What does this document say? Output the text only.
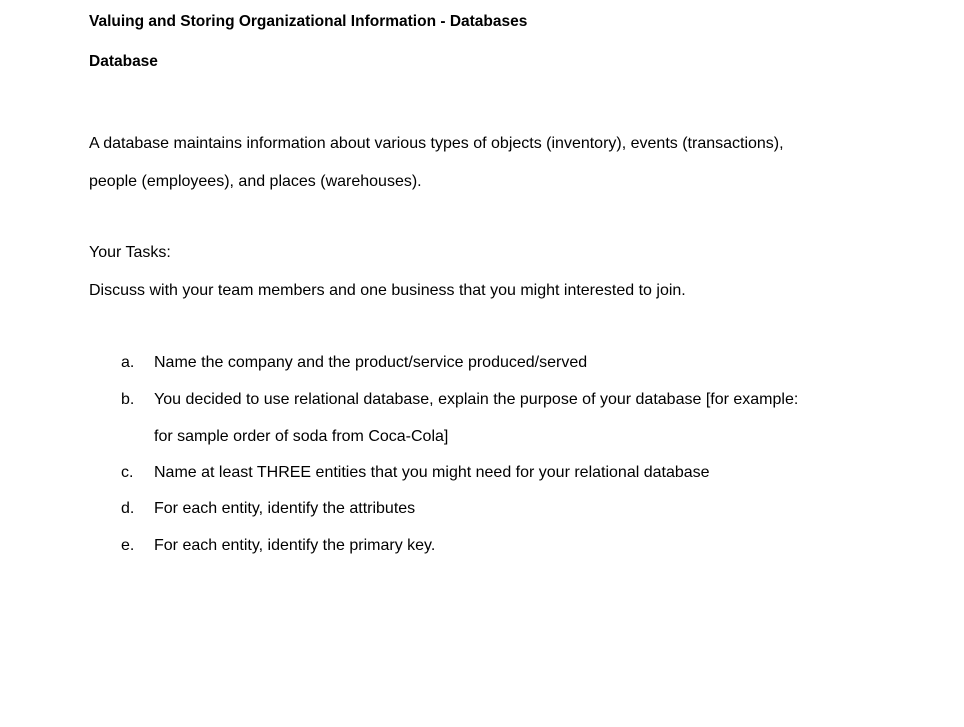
Valuing and Storing Organizational Information - Databases
Database
A database maintains information about various types of objects (inventory), events (transactions),
people (employees), and places (warehouses).
Your Tasks:
Discuss with your team members and one business that you might interested to join.
a. Name the company and the product/service produced/served
b. You decided to use relational database, explain the purpose of your database [for example:
for sample order of soda from Coca-Cola]
c. Name at least THREE entities that you might need for your relational database
d. For each entity, identify the attributes
e. For each entity, identify the primary key.
